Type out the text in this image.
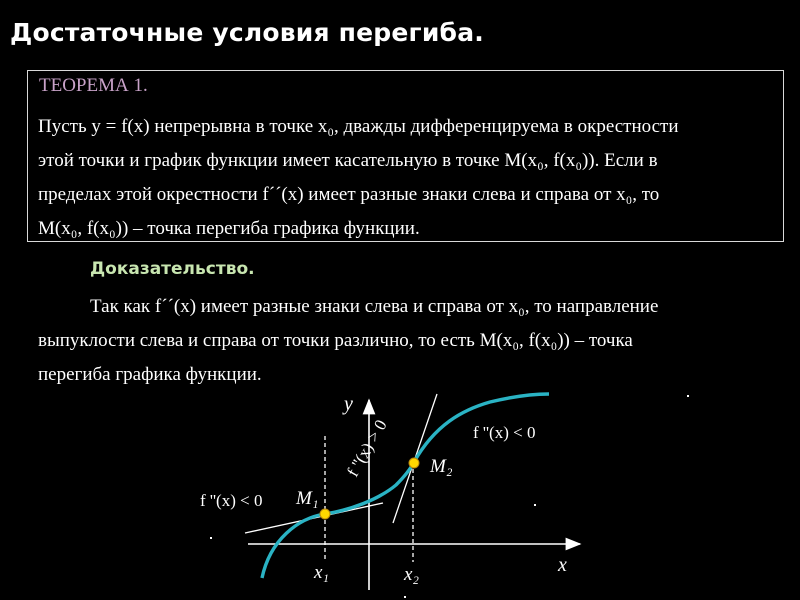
Достаточные условия перегиба.
ТЕОРЕМА 1.
Пусть y = f(x) непрерывна в точке x₀, дважды дифференцируема в окрестности
этой точки и график функции имеет касательную в точке M(x₀, f(x₀)). Если в
пределах этой окрестности f´´(x) имеет разные знаки слева и справа от x₀, то
M(x₀, f(x₀)) – точка перегиба графика функции.
Доказательство.
Так как f´´(x) имеет разные знаки слева и справа от x₀, то направление
выпуклости слева и справа от точки различно, то есть M(x₀, f(x₀)) – точка
перегиба графика функции.
y
x
x₁	x₂
M₁
M₂
f ''(x) < 0
f ''(x) < 0
f ''(x) > 0
